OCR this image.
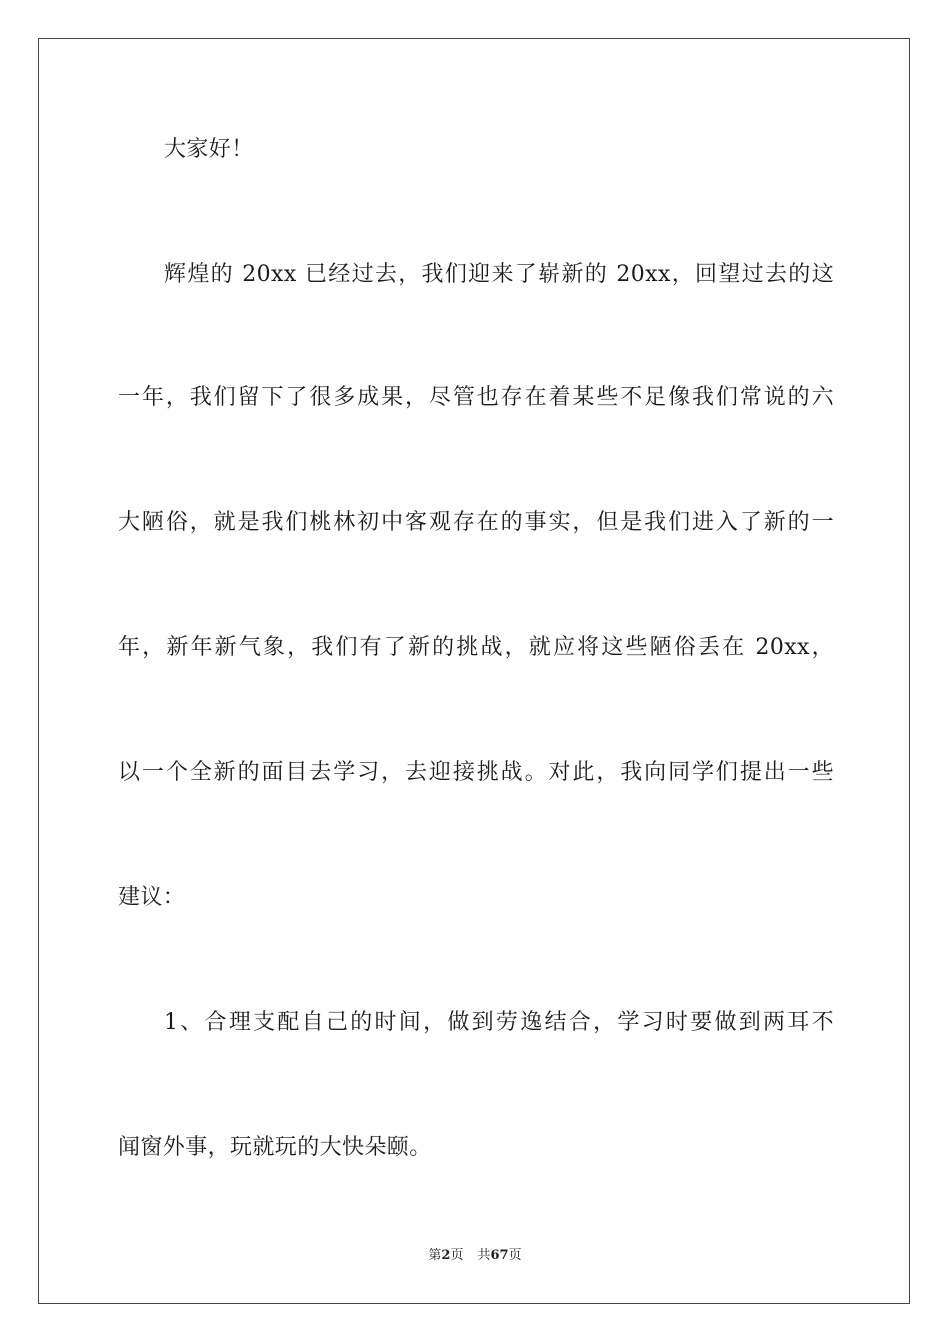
大家好！
辉煌的 20xx 已经过去，我们迎来了崭新的 20xx，回望过去的这
一年，我们留下了很多成果，尽管也存在着某些不足像我们常说的六
大陋俗，就是我们桃林初中客观存在的事实，但是我们进入了新的一
年，新年新气象，我们有了新的挑战，就应将这些陋俗丢在 20xx，
以一个全新的面目去学习，去迎接挑战。对此，我向同学们提出一些
建议：
1、合理支配自己的时间，做到劳逸结合，学习时要做到两耳不
闻窗外事，玩就玩的大快朵颐。
第2页 共67页
